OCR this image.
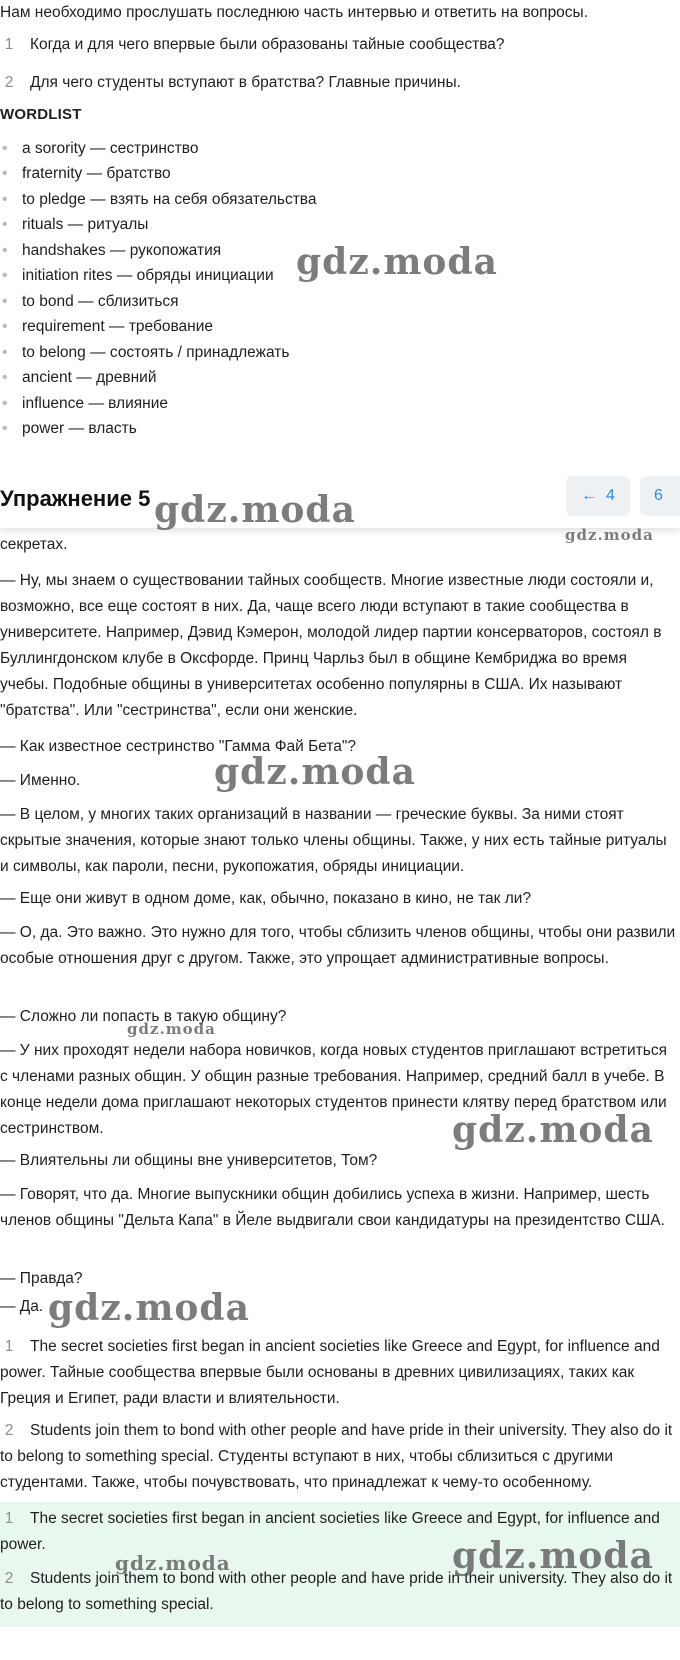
Нам необходимо прослушать последнюю часть интервью и ответить на вопросы.

1 Когда и для чего впервые были образованы тайные сообщества?

2 Для чего студенты вступают в братства? Главные причины.

WORDLIST
• a sorority — сестринство
• fraternity — братство
• to pledge — взять на себя обязательства
• rituals — ритуалы
• handshakes — рукопожатия
• initiation rites — обряды инициации
• to bond — сблизиться
• requirement — требование
• to belong — состоять / принадлежать
• ancient — древний
• influence — влияние
• power — власть
Упражнение 5	← 4	6

секретах.

— Ну, мы знаем о существовании тайных сообществ. Многие известные люди состояли и, возможно, все еще состоят в них. Да, чаще всего люди вступают в такие сообщества в университете. Например, Дэвид Кэмерон, молодой лидер партии консерваторов, состоял в Буллингдонском клубе в Оксфорде. Принц Чарльз был в общине Кембриджа во время учебы. Подобные общины в университетах особенно популярны в США. Их называют "братства". Или "сестринства", если они женские.

— Как известное сестринство "Гамма Фай Бета"?

— Именно.

— В целом, у многих таких организаций в названии — греческие буквы. За ними стоят скрытые значения, которые знают только члены общины. Также, у них есть тайные ритуалы и символы, как пароли, песни, рукопожатия, обряды инициации.

— Еще они живут в одном доме, как, обычно, показано в кино, не так ли?

— О, да. Это важно. Это нужно для того, чтобы сблизить членов общины, чтобы они развили особые отношения друг с другом. Также, это упрощает административные вопросы.

— Сложно ли попасть в такую общину?

— У них проходят недели набора новичков, когда новых студентов приглашают встретиться с членами разных общин. У общин разные требования. Например, средний балл в учебе. В конце недели дома приглашают некоторых студентов принести клятву перед братством или сестринством.

— Влиятельны ли общины вне университетов, Том?

— Говорят, что да. Многие выпускники общин добились успеха в жизни. Например, шесть членов общины "Дельта Капа" в Йеле выдвигали свои кандидатуры на президентство США.

— Правда?

— Да.

1 The secret societies first began in ancient societies like Greece and Egypt, for influence and power. Тайные сообщества впервые были основаны в древних цивилизациях, таких как Греция и Египет, ради власти и влиятельности.

2 Students join them to bond with other people and have pride in their university. They also do it to belong to something special. Студенты вступают в них, чтобы сблизиться с другими студентами. Также, чтобы почувствовать, что принадлежат к чему-то особенному.

1 The secret societies first began in ancient societies like Greece and Egypt, for influence and power.

2 Students join them to bond with other people and have pride in their university. They also do it to belong to something special.

gdz.moda
gdz.moda
gdz.moda
gdz.moda
gdz.moda
gdz.moda
gdz.moda
gdz.moda	gdz.moda
